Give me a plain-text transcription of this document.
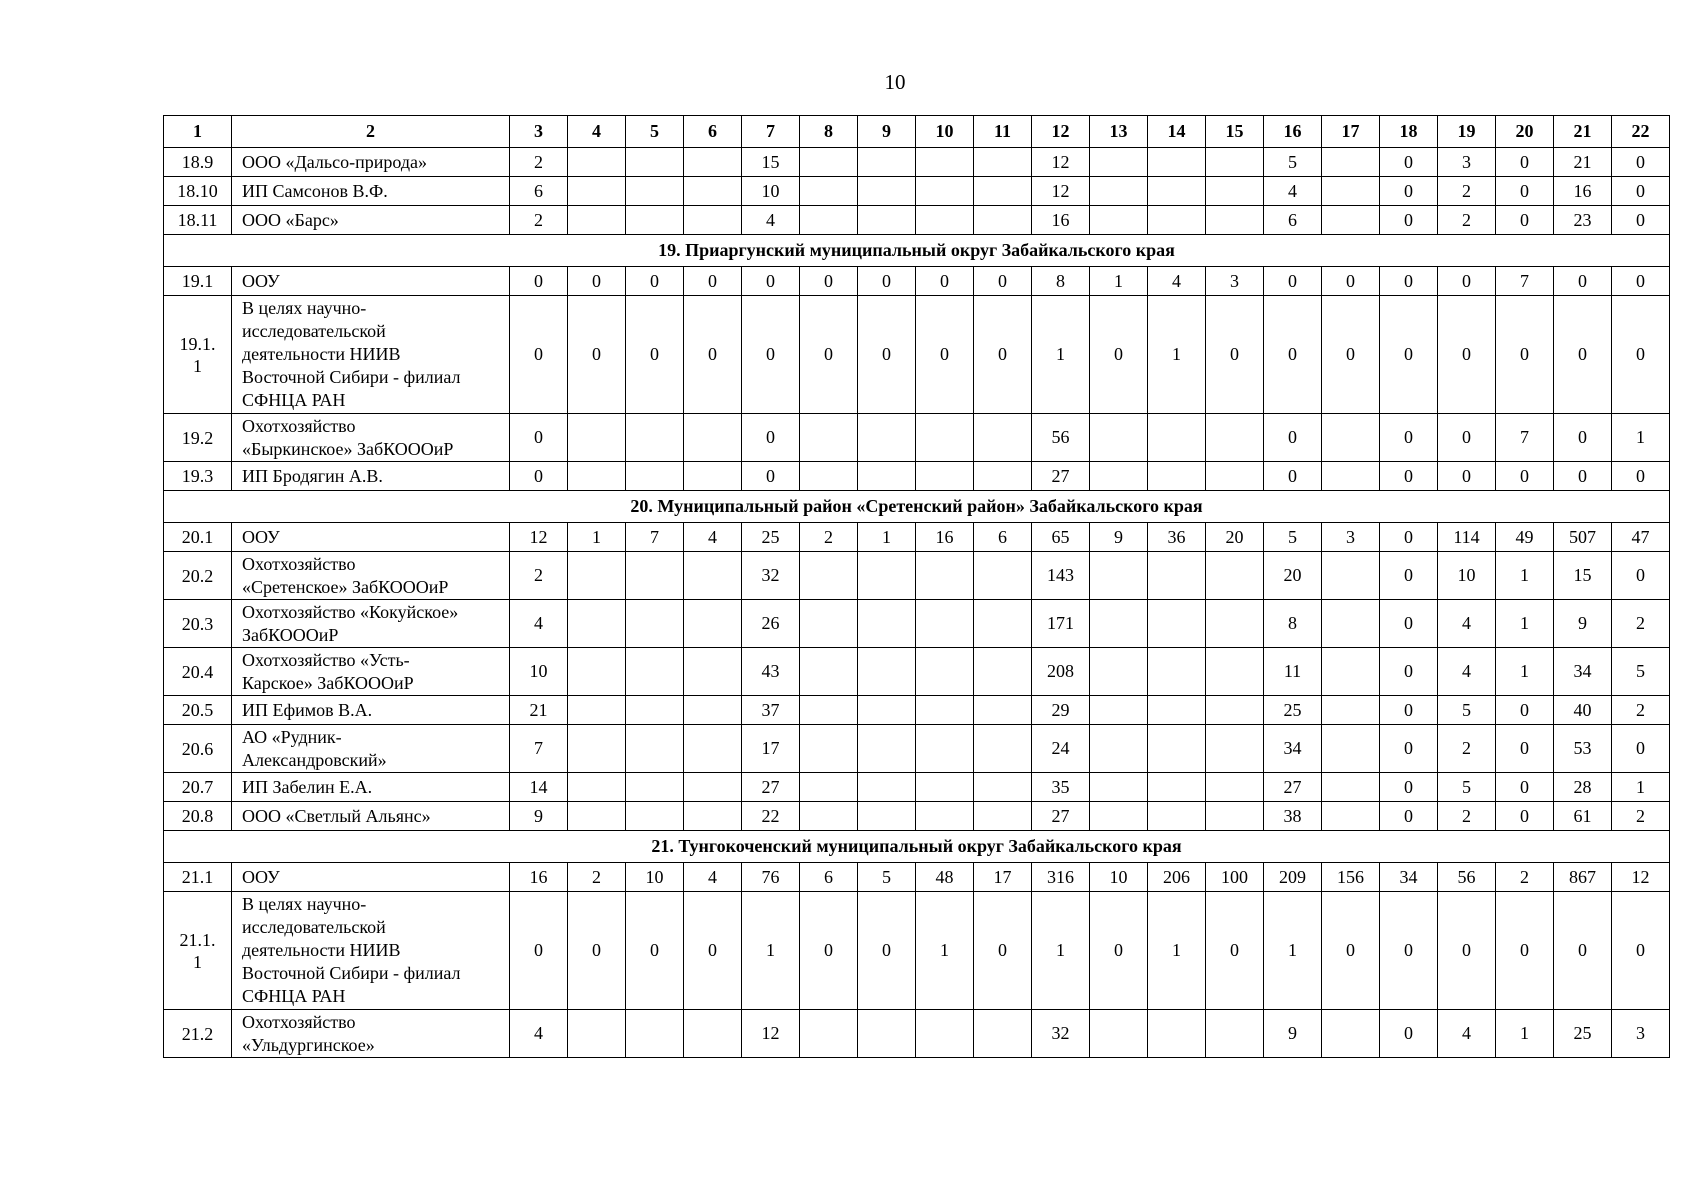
10
1	2	3	4	5	6	7	8	9	10	11	12	13	14	15	16	17	18	19	20	21	22
18.9	ООО «Дальсо-природа»	2				15					12				5		0	3	0	21	0
18.10	ИП Самсонов В.Ф.	6				10					12				4		0	2	0	16	0
18.11	ООО «Барс»	2				4					16				6		0	2	0	23	0
19. Приаргунский муниципальный округ Забайкальского края																					
19.1	ООУ	0	0	0	0	0	0	0	0	0	8	1	4	3	0	0	0	0	7	0	0
19.1.
1	В целях научно-
исследовательской
деятельности НИИВ
Восточной Сибири - филиал
СФНЦА РАН	0	0	0	0	0	0	0	0	0	1	0	1	0	0	0	0	0	0	0	0
19.2	Охотхозяйство
«Быркинское» ЗабКОООиР	0				0					56				0		0	0	7	0	1
19.3	ИП Бродягин А.В.	0				0					27				0		0	0	0	0	0
20. Муниципальный район «Сретенский район» Забайкальского края																					
20.1	ООУ	12	1	7	4	25	2	1	16	6	65	9	36	20	5	3	0	114	49	507	47
20.2	Охотхозяйство
«Сретенское» ЗабКОООиР	2				32					143				20		0	10	1	15	0
20.3	Охотхозяйство «Кокуйское»
ЗабКОООиР	4				26					171				8		0	4	1	9	2
20.4	Охотхозяйство «Усть-
Карское» ЗабКОООиР	10				43					208				11		0	4	1	34	5
20.5	ИП Ефимов В.А.	21				37					29				25		0	5	0	40	2
20.6	АО «Рудник-
Александровский»	7				17					24				34		0	2	0	53	0
20.7	ИП Забелин Е.А.	14				27					35				27		0	5	0	28	1
20.8	ООО «Светлый Альянс»	9				22					27				38		0	2	0	61	2
21. Тунгокоченский муниципальный округ Забайкальского края																					
21.1	ООУ	16	2	10	4	76	6	5	48	17	316	10	206	100	209	156	34	56	2	867	12
21.1.
1	В целях научно-
исследовательской
деятельности НИИВ
Восточной Сибири - филиал
СФНЦА РАН	0	0	0	0	1	0	0	1	0	1	0	1	0	1	0	0	0	0	0	0
21.2	Охотхозяйство
«Ульдургинское»	4				12					32				9		0	4	1	25	3
